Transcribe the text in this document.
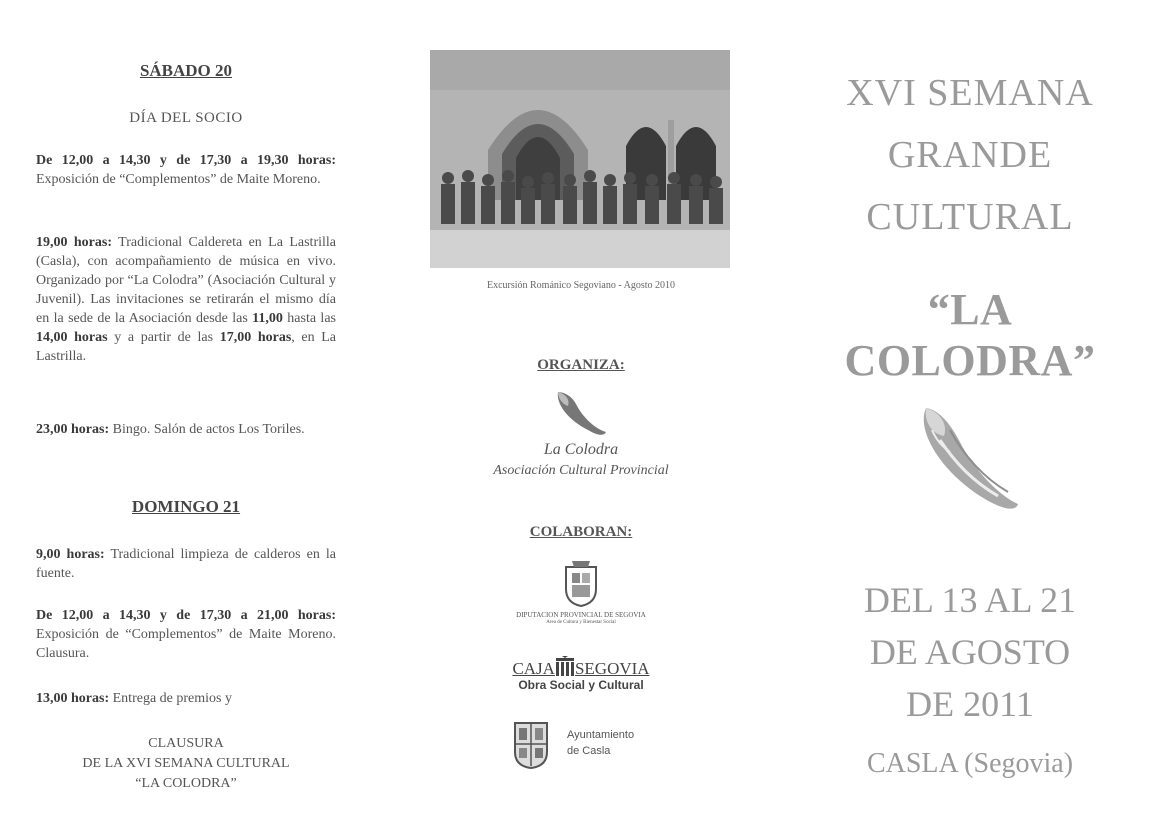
SÁBADO 20
DÍA DEL SOCIO
De 12,00 a 14,30 y de 17,30 a 19,30 horas: Exposición de “Complementos” de Maite Moreno.
19,00 horas: Tradicional Caldereta en La Lastrilla (Casla), con acompañamiento de música en vivo. Organizado por “La Colodra” (Asociación Cultural y Juvenil). Las invitaciones se retirarán el mismo día en la sede de la Asociación desde las 11,00 hasta las 14,00 horas y a partir de las 17,00 horas, en La Lastrilla.
23,00 horas: Bingo. Salón de actos Los Toriles.
DOMINGO 21
9,00 horas: Tradicional limpieza de calderos en la fuente.
De 12,00 a 14,30 y de 17,30 a 21,00 horas: Exposición de “Complementos” de Maite Moreno. Clausura.
13,00 horas: Entrega de premios y
CLAUSURA
DE LA XVI SEMANA CULTURAL
“LA COLODRA”
Excursión Románico Segoviano - Agosto 2010
ORGANIZA:
La Colodra
Asociación Cultural Provincial
COLABORAN:
DIPUTACION PROVINCIAL DE SEGOVIA
Area de Cultura y Bienestar Social
CAJA SEGOVIA
Obra Social y Cultural
Ayuntamiento
de Casla
XVI SEMANA
GRANDE
CULTURAL
“LA COLODRA”
DEL 13 AL 21
DE AGOSTO
DE 2011
CASLA (Segovia)
